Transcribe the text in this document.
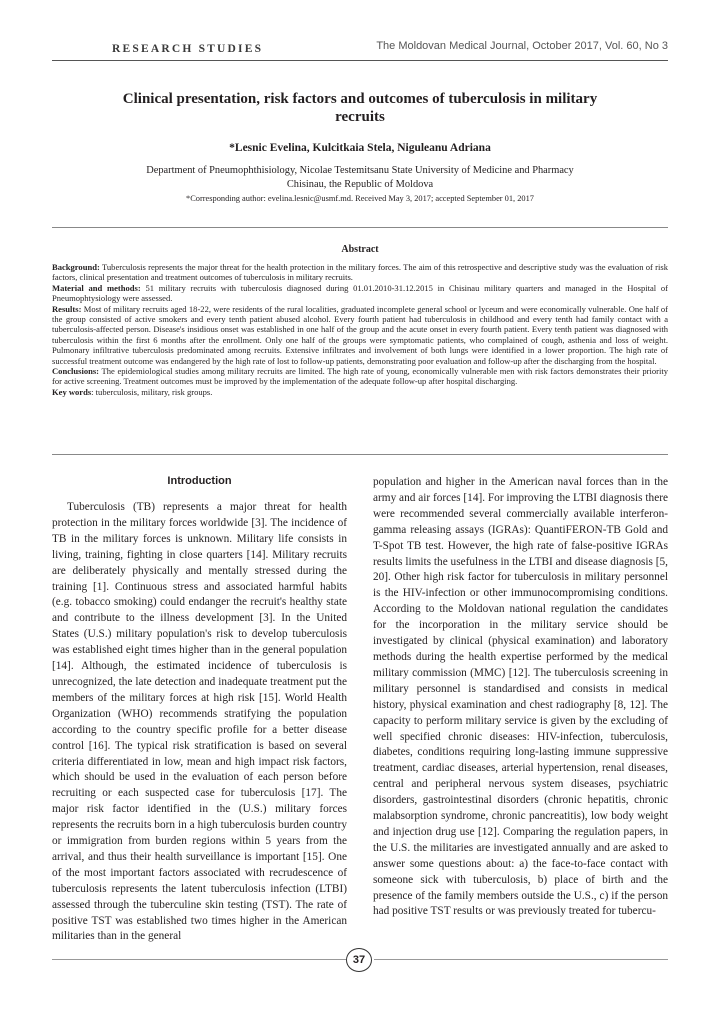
RESEARCH STUDIES	The Moldovan Medical Journal, October 2017, Vol. 60, No 3
Clinical presentation, risk factors and outcomes of tuberculosis in military recruits
*Lesnic Evelina, Kulcitkaia Stela, Niguleanu Adriana
Department of Pneumophthisiology, Nicolae Testemitsanu State University of Medicine and Pharmacy
Chisinau, the Republic of Moldova
*Corresponding author: evelina.lesnic@usmf.md. Received May 3, 2017; accepted September 01, 2017
Abstract

Background: Tuberculosis represents the major threat for the health protection in the military forces. The aim of this retrospective and descriptive study was the evaluation of risk factors, clinical presentation and treatment outcomes of tuberculosis in military recruits.

Material and methods: 51 military recruits with tuberculosis diagnosed during 01.01.2010-31.12.2015 in Chisinau military quarters and managed in the Hospital of Pneumophtysiology were assessed.

Results: Most of military recruits aged 18-22, were residents of the rural localities, graduated incomplete general school or lyceum and were economically vulnerable. One half of the group consisted of active smokers and every tenth patient abused alcohol. Every fourth patient had tuberculosis in childhood and every tenth had family contact with a tuberculosis-affected person. Disease's insidious onset was established in one half of the group and the acute onset in every fourth patient. Every tenth patient was diagnosed with tuberculosis within the first 6 months after the enrollment. Only one half of the groups were symptomatic patients, who complained of cough, asthenia and loss of weight. Pulmonary infiltrative tuberculosis predominated among recruits. Extensive infiltrates and involvement of both lungs were identified in a lower proportion. The high rate of successful treatment outcome was endangered by the high rate of lost to follow-up patients, demonstrating poor evaluation and follow-up after the discharging from the hospital.

Conclusions: The epidemiological studies among military recruits are limited. The high rate of young, economically vulnerable men with risk factors demonstrates their priority for active screening. Treatment outcomes must be improved by the implementation of the adequate follow-up after hospital discharging.

Key words: tuberculosis, military, risk groups.

Introduction

Tuberculosis (TB) represents a major threat for health protection in the military forces worldwide [3]. The incidence of TB in the military forces is unknown. Military life consists in living, training, fighting in close quarters [14]. Military recruits are deliberately physically and mentally stressed during the training [1]. Continuous stress and associated harmful habits (e.g. tobacco smoking) could endanger the recruit's healthy state and contribute to the illness development [3]. In the United States (U.S.) military population's risk to develop tuberculosis was established eight times higher than in the general population [14]. Although, the estimated incidence of tuberculosis is unrecognized, the late detection and inadequate treatment put the members of the military forces at high risk [15]. World Health Organization (WHO) recommends stratifying the population according to the country specific profile for a better disease control [16]. The typical risk stratification is based on several criteria differentiated in low, mean and high impact risk factors, which should be used in the evaluation of each person before recruiting or each suspected case for tuberculosis [17]. The major risk factor identified in the (U.S.) military forces represents the recruits born in a high tuberculosis burden country or immigration from burden regions within 5 years from the arrival, and thus their health surveillance is important [15]. One of the most important factors associated with recrudescence of tuberculosis represents the latent tuberculosis infection (LTBI) assessed through the tuberculine skin testing (TST). The rate of positive TST was established two times higher in the American militaries than in the general

population and higher in the American naval forces than in the army and air forces [14]. For improving the LTBI diagnosis there were recommended several commercially available interferon-gamma releasing assays (IGRAs): QuantiFERON-TB Gold and T-Spot TB test. However, the high rate of false-positive IGRAs results limits the usefulness in the LTBI and disease diagnosis [5, 20]. Other high risk factor for tuberculosis in military personnel is the HIV-infection or other immunocompromising conditions. According to the Moldovan national regulation the candidates for the incorporation in the military service should be investigated by clinical (physical examination) and laboratory methods during the health expertise performed by the medical military commission (MMC) [12]. The tuberculosis screening in military personnel is standardised and consists in medical history, physical examination and chest radiography [8, 12]. The capacity to perform military service is given by the excluding of well specified chronic diseases: HIV-infection, tuberculosis, diabetes, conditions requiring long-lasting immune suppressive treatment, cardiac diseases, arterial hypertension, renal diseases, central and peripheral nervous system diseases, psychiatric disorders, gastrointestinal disorders (chronic hepatitis, chronic malabsorption syndrome, chronic pancreatitis), low body weight and injection drug use [12]. Comparing the regulation papers, in the U.S. the militaries are investigated annually and are asked to answer some questions about: a) the face-to-face contact with someone sick with tuberculosis, b) place of birth and the presence of the family members outside the U.S., c) if the person had positive TST results or was previously treated for tubercu-

37
